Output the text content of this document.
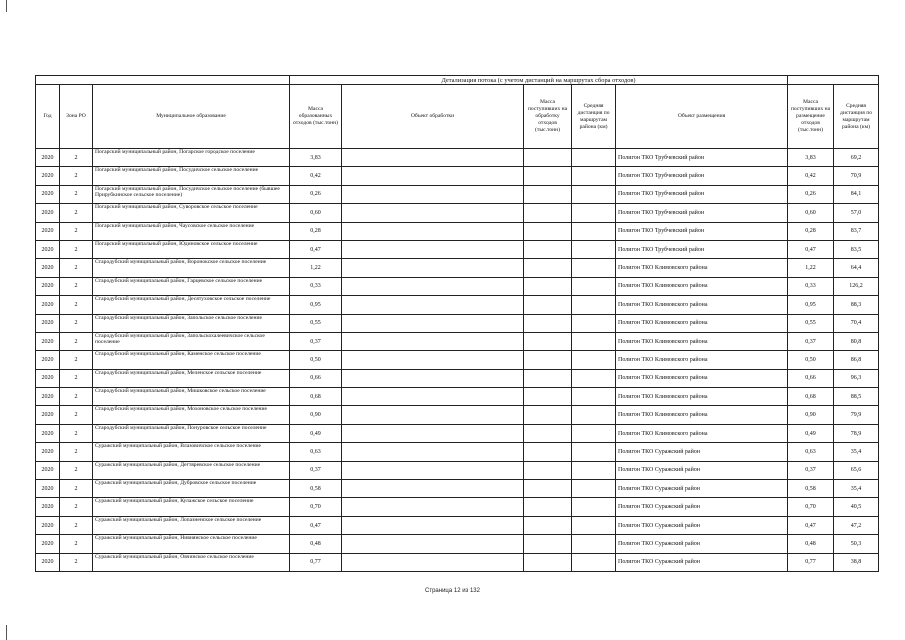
			Детализация потока (с учетом дистанций на маршрутах сбора отходов)						
Год	Зона РО	Муниципальное образование	Масса образованных отходов (тыс.тонн)	Объект обработки	Масса поступивших на обработку отходов (тыс.тонн)	Средняя дистанция по маршрутам района (км)	Объект размещения	Масса поступивших на размещение отходов (тыс.тонн)	Средняя дистанция по маршрутам района (км)
2020	2	Погарский муниципальный район, Погарское городское поселение	3,83				Полигон ТКО Трубчевский район	3,83	69,2
2020	2	Погарский муниципальный район, Посудичское сельское поселение	0,42				Полигон ТКО Трубчевский район	0,42	70,9
2020	2	Погарский муниципальный район, Посудичское сельское поселение (бывшее Прирубкинское сельское поселение)	0,26				Полигон ТКО Трубчевский район	0,26	84,1
2020	2	Погарский муниципальный район, Суворовское сельское поселение	0,60				Полигон ТКО Трубчевский район	0,60	57,0
2020	2	Погарский муниципальный район, Чаусовское сельское поселение	0,28				Полигон ТКО Трубчевский район	0,28	83,7
2020	2	Погарский муниципальный район, Юдиновское сельское поселение	0,47				Полигон ТКО Трубчевский район	0,47	83,5
2020	2	Стародубский муниципальный район, Воронокское сельское поселение	1,22				Полигон ТКО Климовского района	1,22	64,4
2020	2	Стародубский муниципальный район, Гарцевское сельское поселение	0,33				Полигон ТКО Климовского района	0,33	126,2
2020	2	Стародубский муниципальный район, Десятуховское сельское поселение	0,95				Полигон ТКО Климовского района	0,95	88,3
2020	2	Стародубский муниципальный район, Запольское сельское поселение	0,55				Полигон ТКО Климовского района	0,55	70,4
2020	2	Стародубский муниципальный район, Запольскохалеевичское сельское поселение	0,37				Полигон ТКО Климовского района	0,37	80,8
2020	2	Стародубский муниципальный район, Каменское сельское поселение	0,50				Полигон ТКО Климовского района	0,50	86,8
2020	2	Стародубский муниципальный район, Меленское сельское поселение	0,66				Полигон ТКО Климовского района	0,66	96,3
2020	2	Стародубский муниципальный район, Мишковское сельское поселение	0,68				Полигон ТКО Климовского района	0,68	88,5
2020	2	Стародубский муниципальный район, Мохоновское сельское поселение	0,90				Полигон ТКО Климовского района	0,90	79,9
2020	2	Стародубский муниципальный район, Понуровское сельское поселение	0,49				Полигон ТКО Климовского района	0,49	78,9
2020	2	Суражский муниципальный район, Влазовичское сельское поселение	0,63				Полигон ТКО Суражский район	0,63	35,4
2020	2	Суражский муниципальный район, Дегтяревское сельское поселение	0,37				Полигон ТКО Суражский район	0,37	65,6
2020	2	Суражский муниципальный район, Дубровское сельское поселение	0,58				Полигон ТКО Суражский район	0,58	35,4
2020	2	Суражский муниципальный район, Кулажское сельское поселение	0,70				Полигон ТКО Суражский район	0,70	40,5
2020	2	Суражский муниципальный район, Лопазненское сельское поселение	0,47				Полигон ТКО Суражский район	0,47	47,2
2020	2	Суражский муниципальный район, Нивнянское сельское поселение	0,48				Полигон ТКО Суражский район	0,48	50,3
2020	2	Суражский муниципальный район, Овчинское сельское поселение	0,77				Полигон ТКО Суражский район	0,77	38,8
Страница 12 из 132
